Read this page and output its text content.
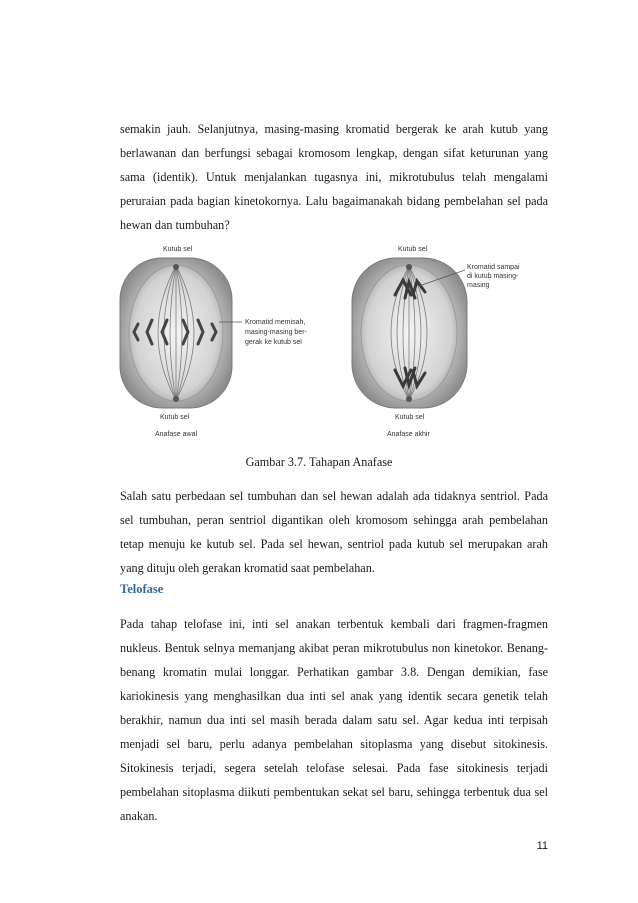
semakin jauh. Selanjutnya, masing-masing kromatid bergerak ke arah kutub yang berlawanan dan berfungsi sebagai kromosom lengkap, dengan sifat keturunan yang sama (identik). Untuk menjalankan tugasnya ini, mikrotubulus telah mengalami peruraian pada bagian kinetokornya. Lalu bagaimanakah bidang pembelahan sel pada hewan dan tumbuhan?

Kutub sel
Kutub sel
Anafase awal
Kromatid memisah,
masing-masing ber-
gerak ke kutub sel
Kutub sel
Kutub sel
Anafase akhir
Kromatid sampai
di kutub masing-
masing
Gambar 3.7. Tahapan Anafase

Salah satu perbedaan sel tumbuhan dan sel hewan adalah ada tidaknya sentriol. Pada sel tumbuhan, peran sentriol digantikan oleh kromosom sehingga arah pembelahan tetap menuju ke kutub sel. Pada sel hewan, sentriol pada kutub sel merupakan arah yang dituju oleh gerakan kromatid saat pembelahan.

Telofase

Pada tahap telofase ini, inti sel anakan terbentuk kembali dari fragmen-fragmen nukleus. Bentuk selnya memanjang akibat peran mikrotubulus non kinetokor. Benang-benang kromatin mulai longgar. Perhatikan gambar 3.8. Dengan demikian, fase kariokinesis yang menghasilkan dua inti sel anak yang identik secara genetik telah berakhir, namun dua inti sel masih berada dalam satu sel. Agar kedua inti terpisah menjadi sel baru, perlu adanya pembelahan sitoplasma yang disebut sitokinesis. Sitokinesis terjadi, segera setelah telofase selesai. Pada fase sitokinesis terjadi pembelahan sitoplasma diikuti pembentukan sekat sel baru, sehingga terbentuk dua sel anakan.

11
